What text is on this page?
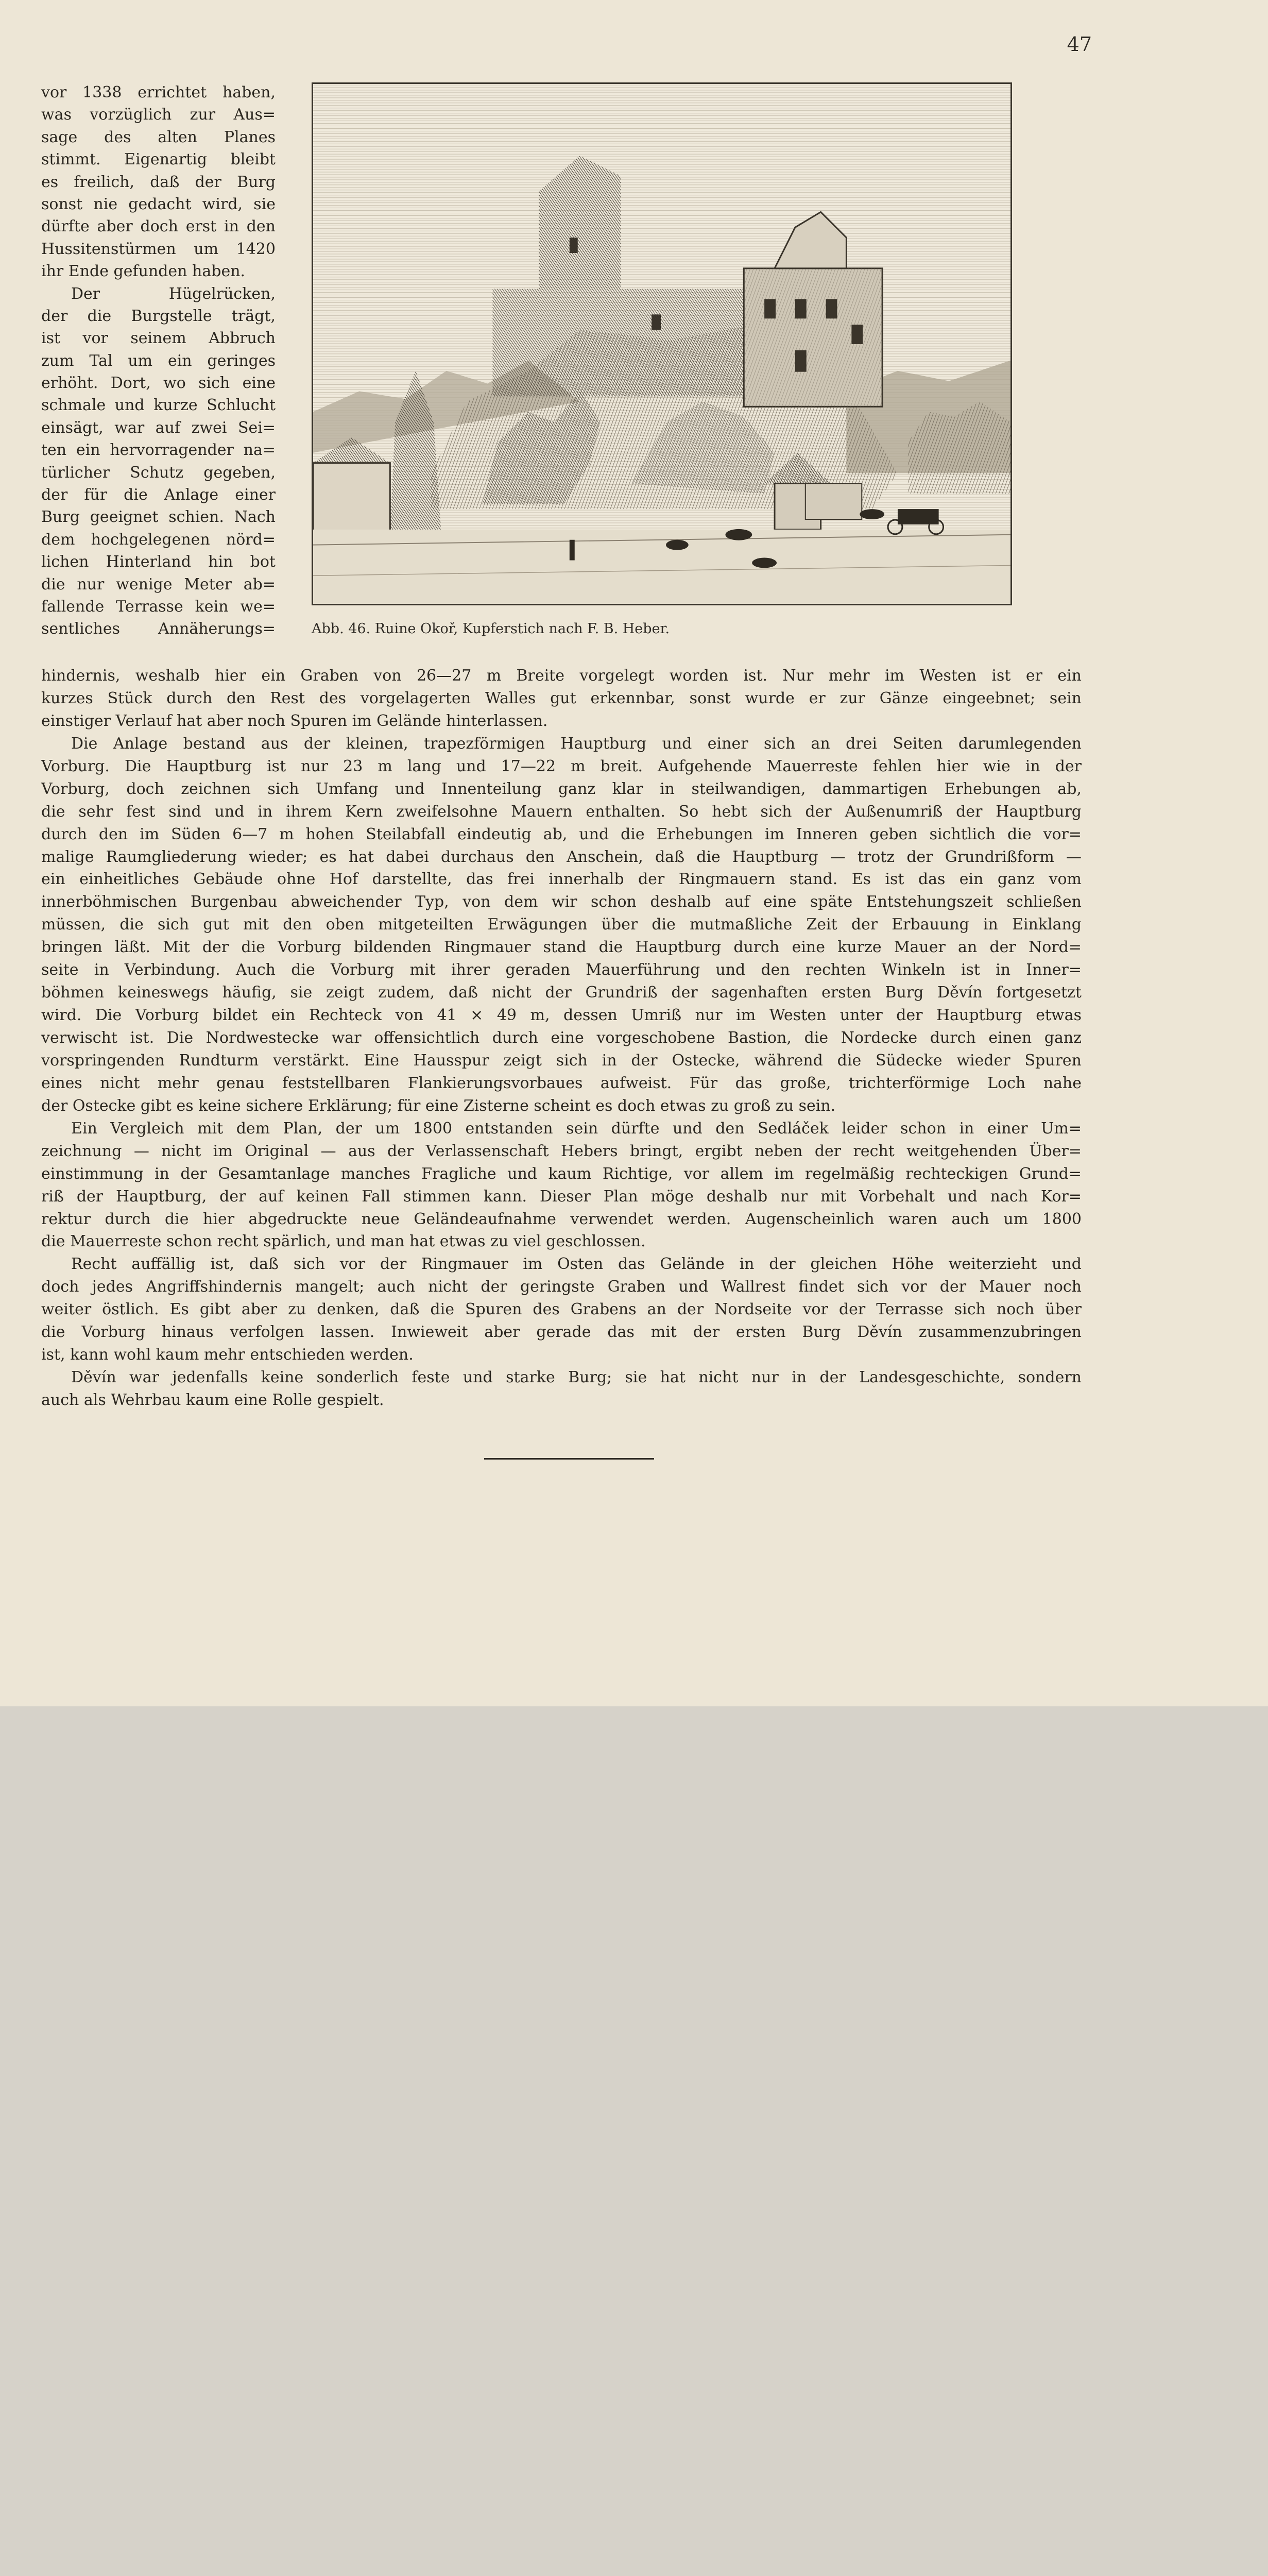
47
vor 1338 errichtet haben,
was vorzüglich zur Aus=
sage des alten Planes
stimmt. Eigenartig bleibt
es freilich, daß der Burg
sonst nie gedacht wird, sie
dürfte aber doch erst in den
Hussitenstürmen um 1420
ihr Ende gefunden haben.
Der Hügelrücken,
der die Burgstelle trägt,
ist vor seinem Abbruch
zum Tal um ein geringes
erhöht. Dort, wo sich eine
schmale und kurze Schlucht
einsägt, war auf zwei Sei=
ten ein hervorragender na=
türlicher Schutz gegeben,
der für die Anlage einer
Burg geeignet schien. Nach
dem hochgelegenen nörd=
lichen Hinterland hin bot
die nur wenige Meter ab=
fallende Terrasse kein we=
sentliches Annäherungs=	Abb. 46. Ruine Okoř, Kupferstich nach F. B. Heber.
hindernis, weshalb hier ein Graben von 26—27 m Breite vorgelegt worden ist. Nur mehr im Westen ist er ein
kurzes Stück durch den Rest des vorgelagerten Walles gut erkennbar, sonst wurde er zur Gänze eingeebnet; sein
einstiger Verlauf hat aber noch Spuren im Gelände hinterlassen.
Die Anlage bestand aus der kleinen, trapezförmigen Hauptburg und einer sich an drei Seiten darumlegenden
Vorburg. Die Hauptburg ist nur 23 m lang und 17—22 m breit. Aufgehende Mauerreste fehlen hier wie in der
Vorburg, doch zeichnen sich Umfang und Innenteilung ganz klar in steilwandigen, dammartigen Erhebungen ab,
die sehr fest sind und in ihrem Kern zweifelsohne Mauern enthalten. So hebt sich der Außenumriß der Hauptburg
durch den im Süden 6—7 m hohen Steilabfall eindeutig ab, und die Erhebungen im Inneren geben sichtlich die vor=
malige Raumgliederung wieder; es hat dabei durchaus den Anschein, daß die Hauptburg — trotz der Grundrißform —
ein einheitliches Gebäude ohne Hof darstellte, das frei innerhalb der Ringmauern stand. Es ist das ein ganz vom
innerböhmischen Burgenbau abweichender Typ, von dem wir schon deshalb auf eine späte Entstehungszeit schließen
müssen, die sich gut mit den oben mitgeteilten Erwägungen über die mutmaßliche Zeit der Erbauung in Einklang
bringen läßt. Mit der die Vorburg bildenden Ringmauer stand die Hauptburg durch eine kurze Mauer an der Nord=
seite in Verbindung. Auch die Vorburg mit ihrer geraden Mauerführung und den rechten Winkeln ist in Inner=
böhmen keineswegs häufig, sie zeigt zudem, daß nicht der Grundriß der sagenhaften ersten Burg Děvín fortgesetzt
wird. Die Vorburg bildet ein Rechteck von 41 × 49 m, dessen Umriß nur im Westen unter der Hauptburg etwas
verwischt ist. Die Nordwestecke war offensichtlich durch eine vorgeschobene Bastion, die Nordecke durch einen ganz
vorspringenden Rundturm verstärkt. Eine Hausspur zeigt sich in der Ostecke, während die Südecke wieder Spuren
eines nicht mehr genau feststellbaren Flankierungsvorbaues aufweist. Für das große, trichterförmige Loch nahe
der Ostecke gibt es keine sichere Erklärung; für eine Zisterne scheint es doch etwas zu groß zu sein.
Ein Vergleich mit dem Plan, der um 1800 entstanden sein dürfte und den Sedláček leider schon in einer Um=
zeichnung — nicht im Original — aus der Verlassenschaft Hebers bringt, ergibt neben der recht weitgehenden Über=
einstimmung in der Gesamtanlage manches Fragliche und kaum Richtige, vor allem im regelmäßig rechteckigen Grund=
riß der Hauptburg, der auf keinen Fall stimmen kann. Dieser Plan möge deshalb nur mit Vorbehalt und nach Kor=
rektur durch die hier abgedruckte neue Geländeaufnahme verwendet werden. Augenscheinlich waren auch um 1800
die Mauerreste schon recht spärlich, und man hat etwas zu viel geschlossen.
Recht auffällig ist, daß sich vor der Ringmauer im Osten das Gelände in der gleichen Höhe weiterzieht und
doch jedes Angriffshindernis mangelt; auch nicht der geringste Graben und Wallrest findet sich vor der Mauer noch
weiter östlich. Es gibt aber zu denken, daß die Spuren des Grabens an der Nordseite vor der Terrasse sich noch über
die Vorburg hinaus verfolgen lassen. Inwieweit aber gerade das mit der ersten Burg Děvín zusammenzubringen
ist, kann wohl kaum mehr entschieden werden.
Děvín war jedenfalls keine sonderlich feste und starke Burg; sie hat nicht nur in der Landesgeschichte, sondern
auch als Wehrbau kaum eine Rolle gespielt.
